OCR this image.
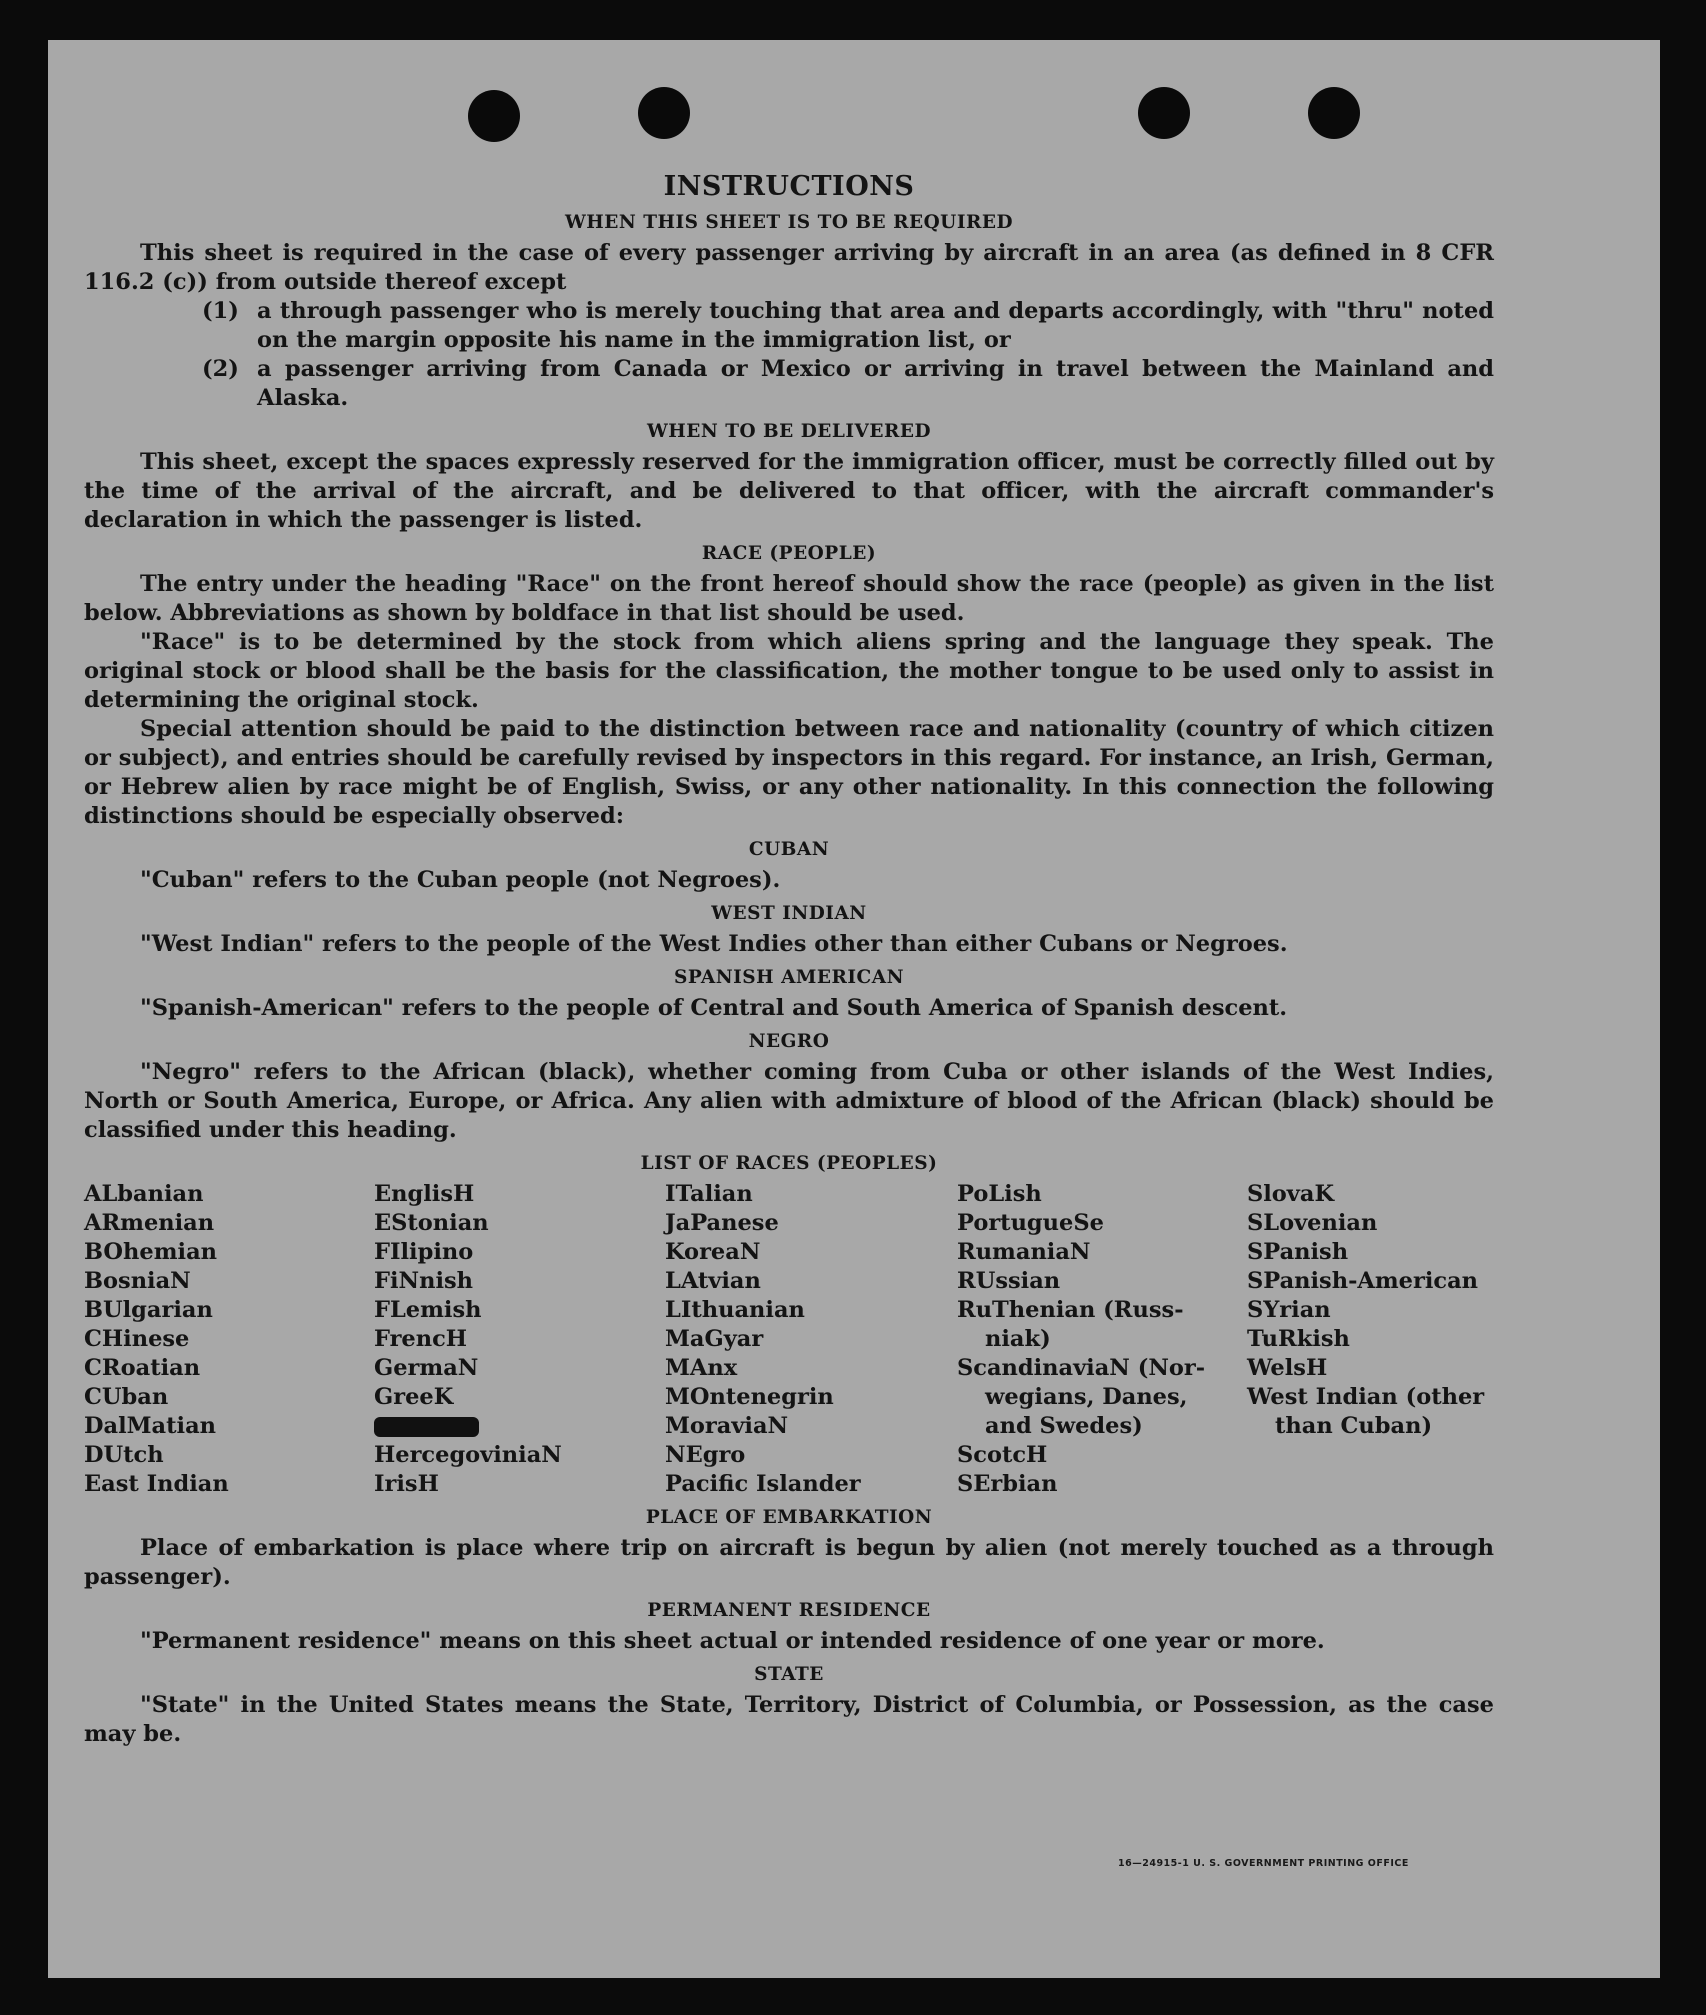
INSTRUCTIONS
WHEN THIS SHEET IS TO BE REQUIRED

This sheet is required in the case of every passenger arriving by aircraft in an area (as defined in 8 CFR 116.2 (c)) from outside thereof except

(1) a through passenger who is merely touching that area and departs accordingly, with "thru" noted on the margin opposite his name in the immigration list, or
(2) a passenger arriving from Canada or Mexico or arriving in travel between the Mainland and Alaska.
WHEN TO BE DELIVERED

This sheet, except the spaces expressly reserved for the immigration officer, must be correctly filled out by the time of the arrival of the aircraft, and be delivered to that officer, with the aircraft commander's declaration in which the passenger is listed.

RACE (PEOPLE)

The entry under the heading "Race" on the front hereof should show the race (people) as given in the list below. Abbreviations as shown by boldface in that list should be used.

"Race" is to be determined by the stock from which aliens spring and the language they speak. The original stock or blood shall be the basis for the classification, the mother tongue to be used only to assist in determining the original stock.

Special attention should be paid to the distinction between race and nationality (country of which citizen or subject), and entries should be carefully revised by inspectors in this regard. For instance, an Irish, German, or Hebrew alien by race might be of English, Swiss, or any other nationality. In this connection the following distinctions should be especially observed:

CUBAN

"Cuban" refers to the Cuban people (not Negroes).

WEST INDIAN

"West Indian" refers to the people of the West Indies other than either Cubans or Negroes.

SPANISH AMERICAN

"Spanish-American" refers to the people of Central and South America of Spanish descent.

NEGRO

"Negro" refers to the African (black), whether coming from Cuba or other islands of the West Indies, North or South America, Europe, or Africa. Any alien with admixture of blood of the African (black) should be classified under this heading.

LIST OF RACES (PEOPLES)
ALbanian
ARmenian
BOhemian
BosniaN
BUlgarian
CHinese
CRoatian
CUban
DalMatian
DUtch
East Indian
EnglisH
EStonian
FIlipino
FiNnish
FLemish
FrencH
GermaN
GreeK
HercegoviniaN
IrisH
ITalian
JaPanese
KoreaN
LAtvian
LIthuanian
MaGyar
MAnx
MOntenegrin
MoraviaN
NEgro
Pacific Islander
PoLish
PortugueSe
RumaniaN
RUssian
RuThenian (Russ-
niak)
ScandinaviaN (Nor-
wegians, Danes,
and Swedes)
ScotcH
SErbian
SlovaK
SLovenian
SPanish
SPanish-American
SYrian
TuRkish
WelsH
West Indian (other
than Cuban)
PLACE OF EMBARKATION

Place of embarkation is place where trip on aircraft is begun by alien (not merely touched as a through passenger).

PERMANENT RESIDENCE

"Permanent residence" means on this sheet actual or intended residence of one year or more.

STATE

"State" in the United States means the State, Territory, District of Columbia, or Possession, as the case may be.

16—24915-1 U. S. GOVERNMENT PRINTING OFFICE
